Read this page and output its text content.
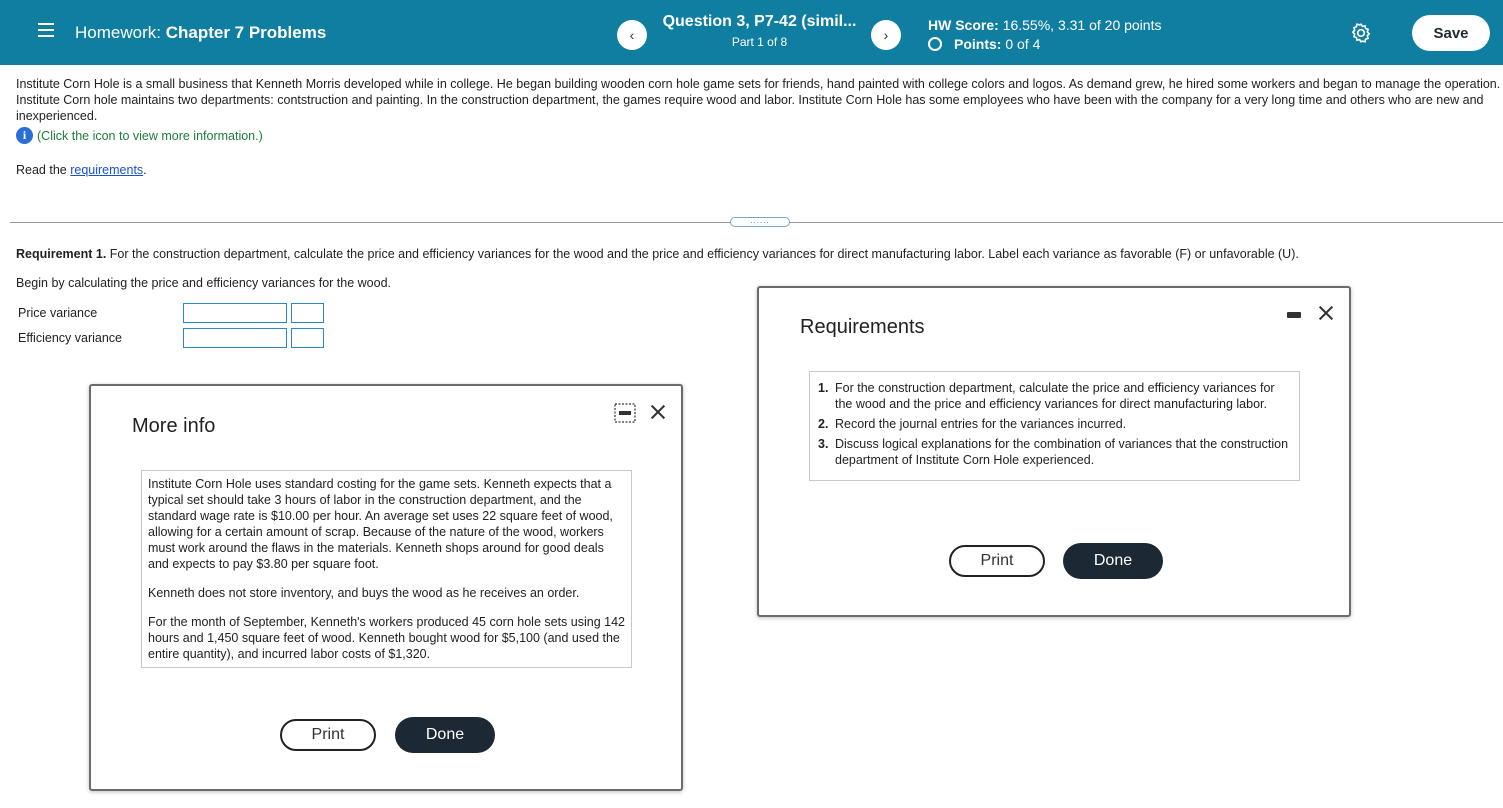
Homework: Chapter 7 Problems	‹
Question 3, P7-42 (simil...
Part 1 of 8	›
HW Score:
16.55%, 3.31 of 20 points
Points:
0 of 4
Save
Institute Corn Hole is a small business that Kenneth Morris developed while in college. He began building wooden corn hole game sets for friends, hand painted with college colors and logos. As demand grew, he hired some workers and began to manage the operation. Institute Corn hole maintains two departments: contstruction and painting. In the construction department, the games require wood and labor. Institute Corn Hole has some employees who have been with the company for a very long time and others who are new and inexperienced.
i (Click the icon to view more information.)
Read the requirements.
......
Requirement 1. For the construction department, calculate the price and efficiency variances for the wood and the price and efficiency variances for direct manufacturing labor. Label each variance as favorable (F) or unfavorable (U).
Begin by calculating the price and efficiency variances for the wood.
Price variance
Efficiency variance
More info

Institute Corn Hole uses standard costing for the game sets. Kenneth expects that a typical set should take 3 hours of labor in the construction department, and the standard wage rate is $10.00 per hour. An average set uses 22 square feet of wood, allowing for a certain amount of scrap. Because of the nature of the wood, workers must work around the flaws in the materials. Kenneth shops around for good deals and expects to pay $3.80 per square foot.

Kenneth does not store inventory, and buys the wood as he receives an order.

For the month of September, Kenneth's workers produced 45 corn hole sets using 142 hours and 1,450 square feet of wood. Kenneth bought wood for $5,100 (and used the entire quantity), and incurred labor costs of $1,320.

Print	Done
Requirements
1. For the construction department, calculate the price and efficiency variances for the wood and the price and efficiency variances for direct manufacturing labor.
2. Record the journal entries for the variances incurred.
3. Discuss logical explanations for the combination of variances that the construction department of Institute Corn Hole experienced.
Print	Done
